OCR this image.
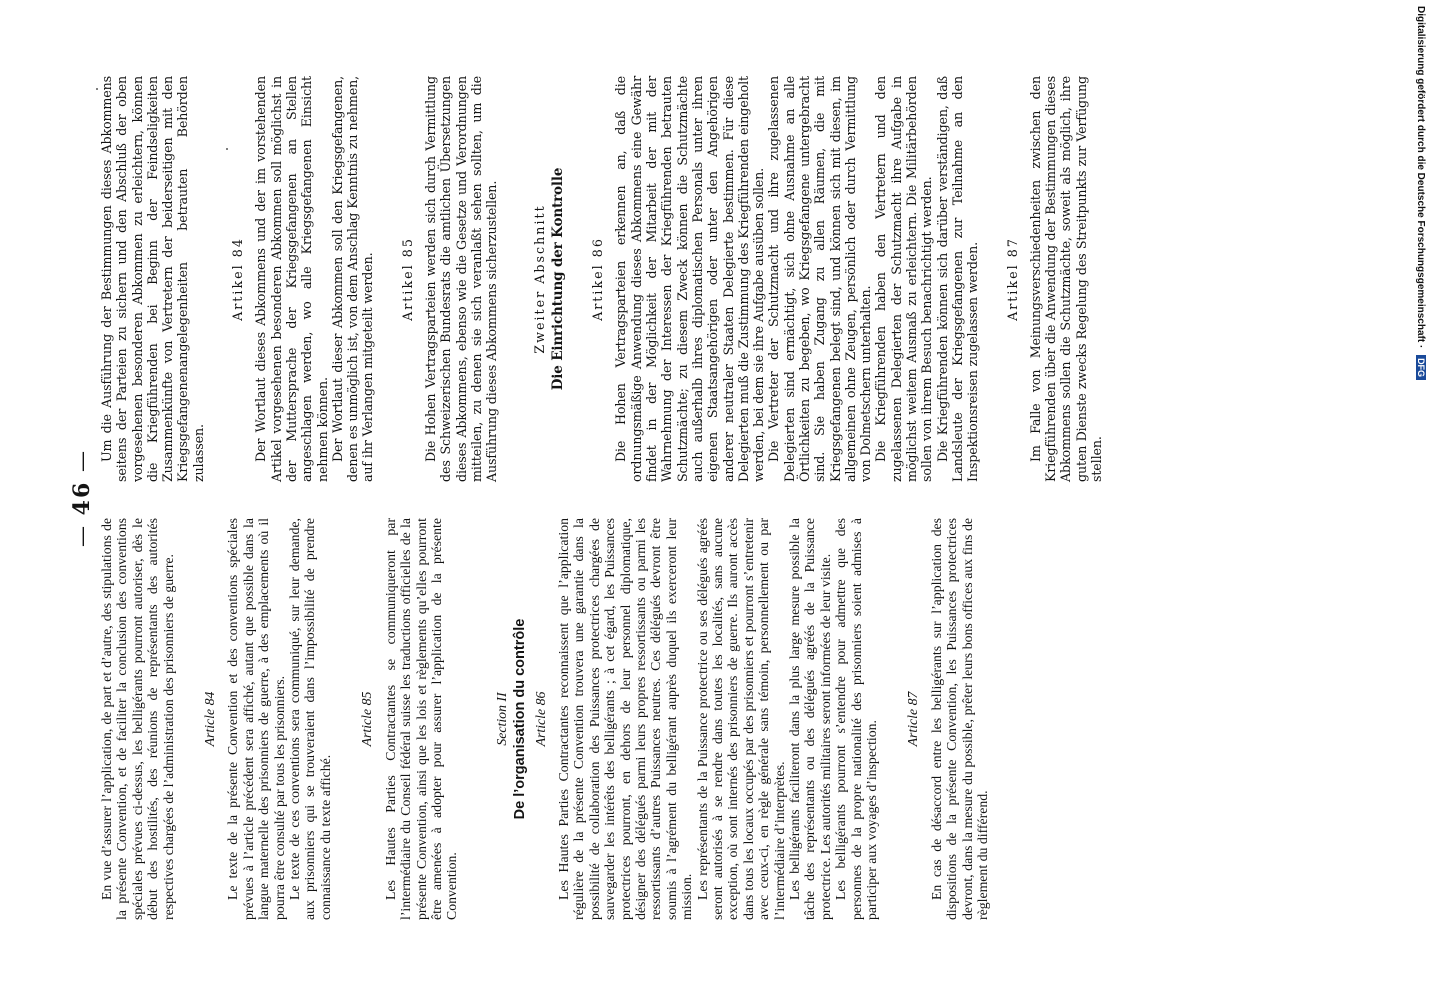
— 46 —

En vue d’assurer l’application, de part et d’autre, des stipulations de la présente Convention, et de faciliter la conclusion des conventions spéciales prévues ci-dessus, les belligérants pourront autoriser, dès le début des hostilités, des réunions de représentants des autorités respectives chargées de l’administration des prisonniers de guerre. Article 84 Le texte de la présente Convention et des conventions spéciales prévues à l’article précédent sera affiché, autant que possible dans la langue maternelle des prisonniers de guerre, à des emplacements où il pourra être consulté par tous les prisonniers. Le texte de ces conventions sera communiqué, sur leur demande, aux prisonniers qui se trouveraient dans l’impossibilité de prendre connaissance du texte affiché.

Article 85 Les Hautes Parties Contractantes se communiqueront par l’intermédiaire du Conseil fédéral suisse les traductions officielles de la présente Convention, ainsi que les lois et règlements qu’elles pourront être amenées à adopter pour assurer l’application de la présente Convention.

Section II De l’organisation du contrôle Article 86 Les Hautes Parties Contractantes reconnaissent que l’application régulière de la présente Convention trouvera une garantie dans la possibilité de collaboration des Puissances protectrices chargées de sauvegarder les intérêts des belligérants ; à cet égard, les Puissances protectrices pourront, en dehors de leur personnel diplomatique, désigner des délégués parmi leurs propres ressortissants ou parmi les ressortissants d’autres Puissances neutres. Ces délégués devront être soumis à l’agrément du belligérant auprès duquel ils exerceront leur mission. Les représentants de la Puissance protectrice ou ses délégués agréés seront autorisés à se rendre dans toutes les localités, sans aucune exception, où sont internés des prisonniers de guerre. Ils auront accès dans tous les locaux occupés par des prisonniers et pourront s’entretenir avec ceux-ci, en règle générale sans témoin, personnellement ou par l’intermédiaire d’interprètes. Les belligérants faciliteront dans la plus large mesure possible la tâche des représentants ou des délégués agréés de la Puissance protectrice. Les autorités militaires seront informées de leur visite. Les belligérants pourront s’entendre pour admettre que des personnes de la propre nationalité des prisonniers soient admises à participer aux voyages d’inspection.

Article 87 En cas de désaccord entre les belligérants sur l’application des dispositions de la présente Convention, les Puissances protectrices devront, dans la mesure du possible, prêter leurs bons offices aux fins de règlement du différend.

Um die Ausführung der Bestimmungen dieses Abkommens seitens der Parteien zu sichern und den Abschluß der oben vorgesehenen besonderen Abkommen zu erleichtern, können die Kriegführenden bei Beginn der Feindseligkeiten Zusammenkünfte von Vertretern der beiderseitigen mit den Kriegsgefangenenangelegenheiten betrauten Behörden zulassen.

Artikel 84 Der Wortlaut dieses Abkommens und der im vorstehenden Artikel vorgesehenen besonderen Abkommen soll möglichst in der Muttersprache der Kriegsgefangenen an Stellen angeschlagen werden, wo alle Kriegsgefangenen Einsicht nehmen können. Der Wortlaut dieser Abkommen soll den Kriegsgefangenen, denen es unmöglich ist, von dem Anschlag Kenntnis zu nehmen, auf ihr Verlangen mitgeteilt werden. Artikel 85 Die Hohen Vertragsparteien werden sich durch Vermittlung des Schweizerischen Bundesrats die amtlichen Übersetzungen dieses Abkommens, ebenso wie die Gesetze und Verordnungen mitteilen, zu denen sie sich veranlaßt sehen sollten, um die Ausführung dieses Abkommens sicherzustellen.	Zweiter Abschnitt Die Einrichtung der Kontrolle Artikel 86 Die Hohen Vertragsparteien erkennen an, daß die ordnungsmäßige Anwendung dieses Abkommens eine Gewähr findet in der Möglichkeit der Mitarbeit der mit der Wahrnehmung der Interessen der Kriegführenden betrauten Schutzmächte; zu diesem Zweck können die Schutzmächte auch außerhalb ihres diplomatischen Personals unter ihren eigenen Staatsangehörigen oder unter den Angehörigen anderer neutraler Staaten Delegierte bestimmen. Für diese Delegierten muß die Zustimmung des Kriegführenden eingeholt werden, bei dem sie ihre Aufgabe ausüben sollen. Die Vertreter der Schutzmacht und ihre zugelassenen Delegierten sind ermächtigt, sich ohne Ausnahme an alle Örtlichkeiten zu begeben, wo Kriegsgefangene untergebracht sind. Sie haben Zugang zu allen Räumen, die mit Kriegsgefangenen belegt sind, und können sich mit diesen, im allgemeinen ohne Zeugen, persönlich oder durch Vermittlung von Dolmetschern unterhalten. Die Kriegführenden haben den Vertretern und den zugelassenen Delegierten der Schutzmacht ihre Aufgabe in möglichst weitem Ausmaß zu erleichtern. Die Militärbehörden sollen von ihrem Besuch benachrichtigt werden. Die Kriegführenden können sich darüber verständigen, daß Landsleute der Kriegsgefangenen zur Teilnahme an den Inspektionsreisen zugelassen werden. Artikel 87 Im Falle von Meinungsverschiedenheiten zwischen den Kriegführenden über die Anwendung der Bestimmungen dieses Abkommens sollen die Schutzmächte, soweit als möglich, ihre guten Dienste zwecks Regelung des Streitpunkts zur Verfügung stellen.

Digitalisierung gefördert durch die Deutsche Forschungsgemeinschaft · DFG
